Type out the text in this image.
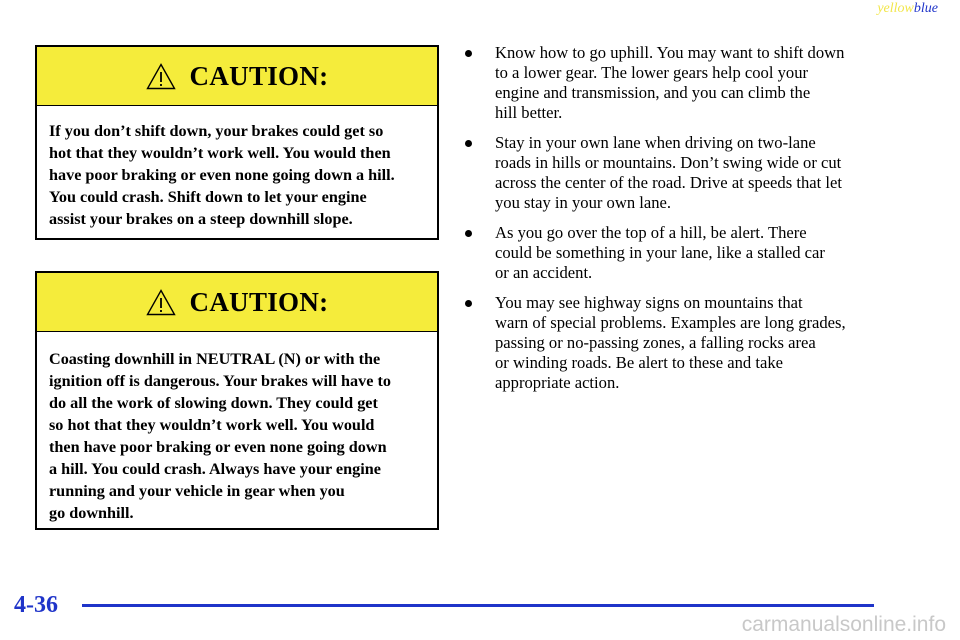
yellowblue
CAUTION:
If you don’t shift down, your brakes could get so
hot that they wouldn’t work well. You would then
have poor braking or even none going down a hill.
You could crash. Shift down to let your engine
assist your brakes on a steep downhill slope.
CAUTION:
Coasting downhill in NEUTRAL (N) or with the
ignition off is dangerous. Your brakes will have to
do all the work of slowing down. They could get
so hot that they wouldn’t work well. You would
then have poor braking or even none going down
a hill. You could crash. Always have your engine
running and your vehicle in gear when you
go downhill.
Know how to go uphill. You may want to shift down
to a lower gear. The lower gears help cool your
engine and transmission, and you can climb the
hill better.
Stay in your own lane when driving on two‑lane
roads in hills or mountains. Don’t swing wide or cut
across the center of the road. Drive at speeds that let
you stay in your own lane.
As you go over the top of a hill, be alert. There
could be something in your lane, like a stalled car
or an accident.
You may see highway signs on mountains that
warn of special problems. Examples are long grades,
passing or no‑passing zones, a falling rocks area
or winding roads. Be alert to these and take
appropriate action.
4-36
carmanualsonline.info
